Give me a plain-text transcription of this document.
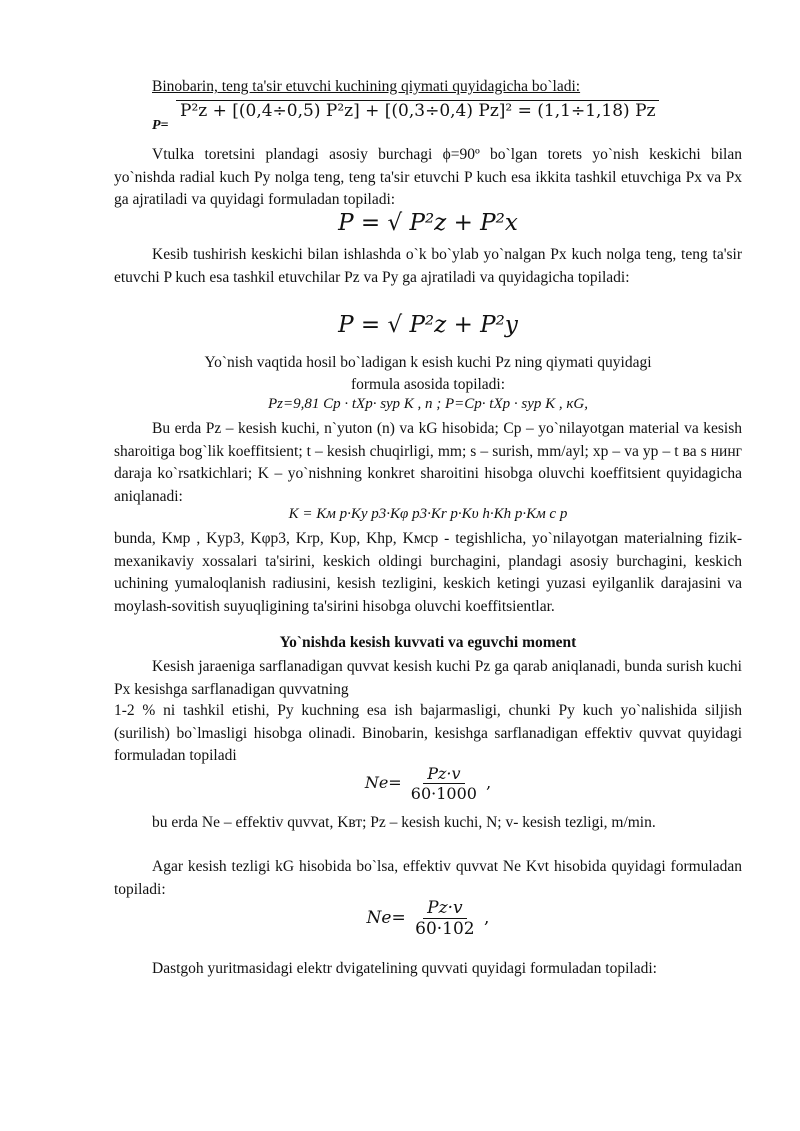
Binobarin, teng ta'sir etuvchi kuchining qiymati quyidagicha bo`ladi:
P=
P²z + [(0,4÷0,5) P²z] + [(0,3÷0,4) Pz]² = (1,1÷1,18) Pz

Vtulka toretsini plandagi asosiy burchagi ϕ=90º bo`lgan torets yo`nish keskichi bilan yo`nishda radial kuch Py nolga teng, teng ta'sir etuvchi P kuch esa ikkita tashkil etuvchiga Px va Px ga ajratiladi va quyidagi formuladan topiladi:

P = √ P²z + P²x

Kesib tushirish keskichi bilan ishlashda o`k bo`ylab yo`nalgan Px kuch nolga teng, teng ta'sir etuvchi P kuch esa tashkil etuvchilar Pz va Py ga ajratiladi va quyidagicha topiladi:

P = √ P²z + P²y
Yo`nish vaqtida hosil bo`ladigan k esish kuchi Pz ning qiymati quyidagi
formula asosida topiladi:
Pz=9,81 Cp · tXp· sур K , n ; P=Cp· tXp · syp K , кG,

Bu erda Pz – kesish kuchi, n`yuton (n) va kG hisobida; Cp – yo`nilayotgan material va kesish sharoitiga bog`lik koeffitsient; t – kesish chuqirligi, mm; s – surish, mm/ayl; xp – va yp – t ва s нинг daraja ko`rsatkichlari; K – yo`nishning konkret sharoitini hisobga oluvchi koeffitsient quyidagicha aniqlanadi:

K = Kм p·Kу р3·Kφ р3·Kr p·Kυ h·Kh p·Kм с р

bunda, Kмр , Kур3, Kφр3, Krр, Kυр, Khр, Kмср - tegishlicha, yo`nilayotgan materialning fizik-mexanikaviy xossalari ta'sirini, keskich oldingi burchagini, plandagi asosiy burchagini, keskich uchining yumaloqlanish radiusini, kesish tezligini, keskich ketingi yuzasi eyilganlik darajasini va moylash-sovitish suyuqligining ta'sirini hisobga oluvchi koeffitsientlar.

Yo`nishda kesish kuvvati va eguvchi moment

Kesish jaraeniga sarflanadigan quvvat kesish kuchi Pz ga qarab aniqlanadi, bunda surish kuchi Px kesishga sarflanadigan quvvatning

1-2 % ni tashkil etishi, Py kuchning esa ish bajarmasligi, chunki Py kuch yo`nalishida siljish (surilish) bo`lmasligi hisobga olinadi. Binobarin, kesishga sarflanadigan effektiv quvvat quyidagi formuladan topiladi

$Nе= \frac{Pz\cdot v}{60\cdot 1000}$ ,

bu erda Ne – effektiv quvvat, Kвт; Pz – kesish kuchi, N; v- kesish tezligi, m/min.

Agar kesish tezligi kG hisobida bo`lsa, effektiv quvvat Ne Kvt hisobida quyidagi formuladan topiladi:

$Nе= \frac{Pz\cdot v}{60\cdot 102}$ ,

Dastgoh yuritmasidagi elektr dvigatelining quvvati quyidagi formuladan topiladi:
